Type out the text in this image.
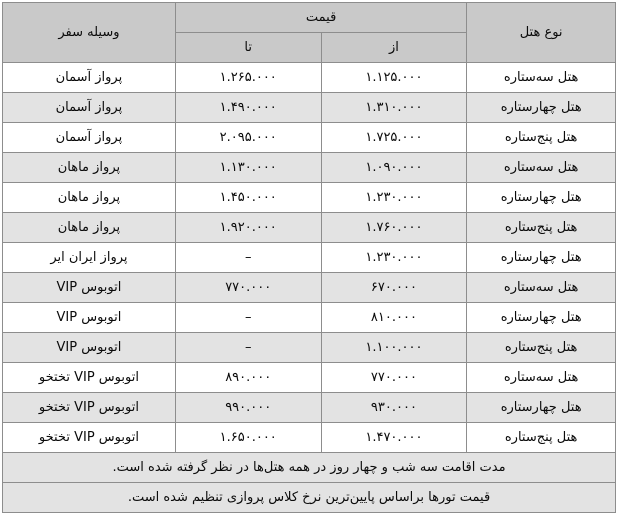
نوع هتل	قیمت		وسیله سفر
	از	تا	
هتل سه‌ستاره	۱.۱۲۵.۰۰۰	۱.۲۶۵.۰۰۰	پرواز آسمان
هتل چهارستاره	۱.۳۱۰.۰۰۰	۱.۴۹۰.۰۰۰	پرواز آسمان
هتل پنج‌ستاره	۱.۷۲۵.۰۰۰	۲.۰۹۵.۰۰۰	پرواز آسمان
هتل سه‌ستاره	۱.۰۹۰.۰۰۰	۱.۱۳۰.۰۰۰	پرواز ماهان
هتل چهارستاره	۱.۲۳۰.۰۰۰	۱.۴۵۰.۰۰۰	پرواز ماهان
هتل پنج‌ستاره	۱.۷۶۰.۰۰۰	۱.۹۲۰.۰۰۰	پرواز ماهان
هتل چهارستاره	۱.۲۳۰.۰۰۰	–	پرواز ایران ایر
هتل سه‌ستاره	۶۷۰.۰۰۰	۷۷۰.۰۰۰	اتوبوس VIP
هتل چهارستاره	۸۱۰.۰۰۰	–	اتوبوس VIP
هتل پنج‌ستاره	۱.۱۰۰.۰۰۰	–	اتوبوس VIP
هتل سه‌ستاره	۷۷۰.۰۰۰	۸۹۰.۰۰۰	اتوبوس VIP تختخو
هتل چهارستاره	۹۳۰.۰۰۰	۹۹۰.۰۰۰	اتوبوس VIP تختخو
هتل پنج‌ستاره	۱.۴۷۰.۰۰۰	۱.۶۵۰.۰۰۰	اتوبوس VIP تختخو
مدت اقامت سه شب و چهار روز در همه هتل‌ها در نظر گرفته شده است.			
قیمت تورها براساس پایین‌ترین نرخ کلاس پروازی تنظیم شده است.			
